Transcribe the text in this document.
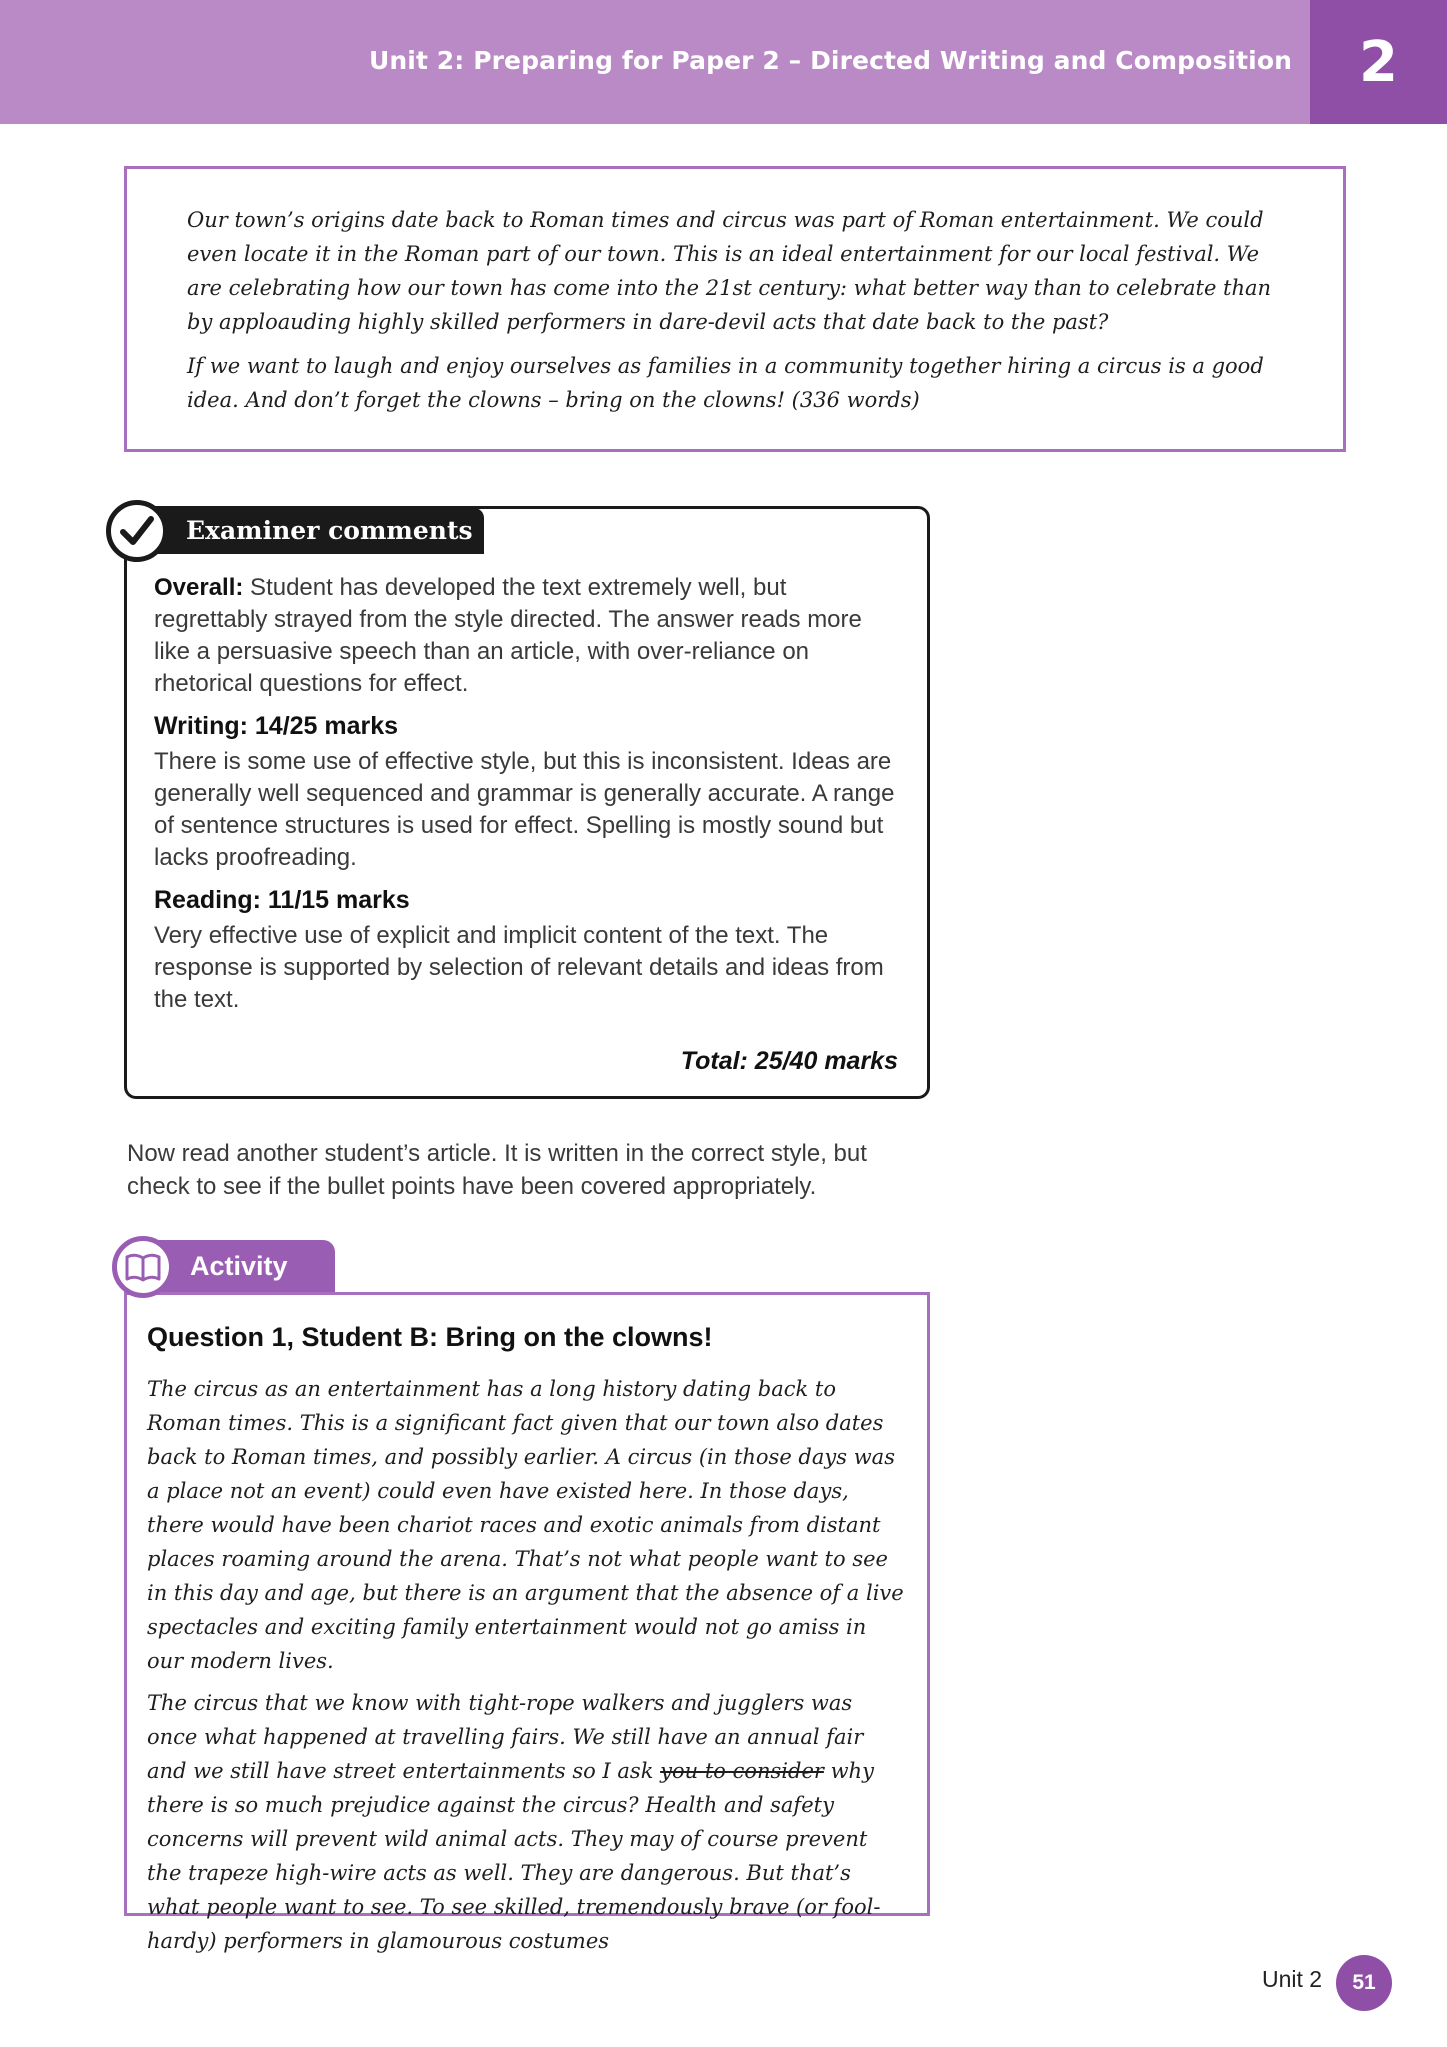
Unit 2: Preparing for Paper 2 – Directed Writing and Composition	2

Our town’s origins date back to Roman times and circus was part of Roman entertainment. We could even locate it in the Roman part of our town. This is an ideal entertainment for our local festival. We are celebrating how our town has come into the 21st century: what better way than to celebrate than by apploauding highly skilled performers in dare-devil acts that date back to the past?

If we want to laugh and enjoy ourselves as families in a community together hiring a circus is a good idea. And don’t forget the clowns – bring on the clowns! (336 words)

Total: 25/40 marks
Examiner comments

Overall: Student has developed the text extremely well, but regrettably strayed from the style directed. The answer reads more like a persuasive speech than an article, with over-reliance on rhetorical questions for effect.

Writing: 14/25 marks

There is some use of effective style, but this is inconsistent. Ideas are generally well sequenced and grammar is generally accurate. A range of sentence structures is used for effect. Spelling is mostly sound but lacks proofreading.

Reading: 11/15 marks

Very effective use of explicit and implicit content of the text. The response is supported by selection of relevant details and ideas from the text.

Now read another student’s article. It is written in the correct style, but check to see if the bullet points have been covered appropriately.
Activity
Question 1, Student B: Bring on the clowns!

The circus as an entertainment has a long history dating back to Roman times. This is a significant fact given that our town also dates back to Roman times, and possibly earlier. A circus (in those days was a place not an event) could even have existed here. In those days, there would have been chariot races and exotic animals from distant places roaming around the arena. That’s not what people want to see in this day and age, but there is an argument that the absence of a live spectacles and exciting family entertainment would not go amiss in our modern lives.

The circus that we know with tight-rope walkers and jugglers was once what happened at travelling fairs. We still have an annual fair and we still have street entertainments so I ask you to consider why there is so much prejudice against the circus? Health and safety concerns will prevent wild animal acts. They may of course prevent the trapeze high-wire acts as well. They are dangerous. But that’s what people want to see. To see skilled, tremendously brave (or fool-hardy) performers in glamourous costumes

Unit 2	51
